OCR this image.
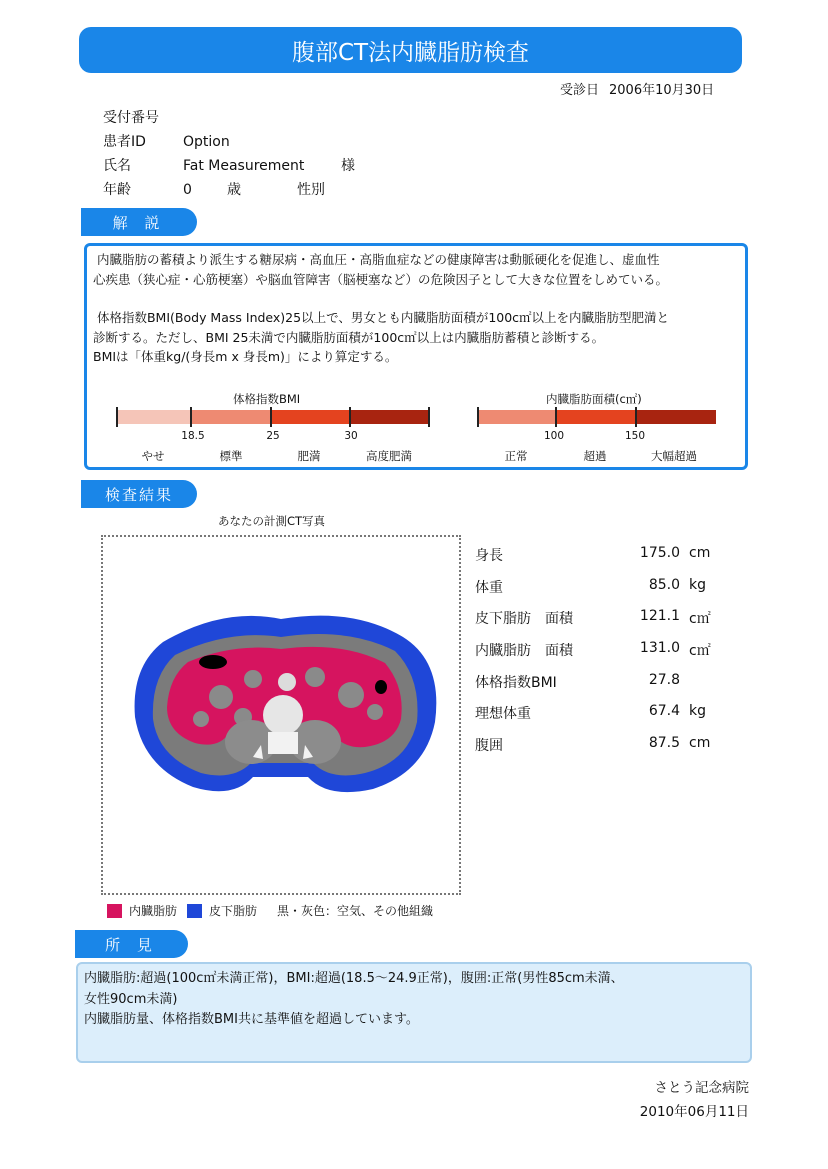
腹部CT法内臓脂肪検査
受診日 2006年10月30日
受付番号
患者ID	Option
氏名	Fat Measurement	様
年齢	0	歳	性別
解 説

内臓脂肪の蓄積より派生する糖尿病・高血圧・高脂血症などの健康障害は動脈硬化を促進し、虚血性

心疾患（狭心症・心筋梗塞）や脳血管障害（脳梗塞など）の危険因子として大きな位置をしめている。

体格指数BMI(Body Mass Index)25以上で、男女とも内臓脂肪面積が100c㎡以上を内臓脂肪型肥満と

診断する。ただし、BMI 25未満で内臓脂肪面積が100c㎡以上は内臓脂肪蓄積と診断する。

BMIは「体重kg/(身長m x 身長m)」により算定する。

体格指数BMI
18.5	25	30
やせ	標準	肥満	高度肥満
内臓脂肪面積(c㎡)
100	150
正常	超過	大幅超過
検査結果
あなたの計測CT写真
身長	175.0 cm
体重	85.0 kg
皮下脂肪　面積	121.1 c㎡
内臓脂肪　面積	131.0 c㎡
体格指数BMI	27.8
理想体重	67.4 kg
腹囲	87.5 cm
内臓脂肪	皮下脂肪 黒・灰色：空気、その他組織
所 見
内臓脂肪:超過(100c㎡未満正常)，BMI:超過(18.5～24.9正常)，腹囲:正常(男性85cm未満、
女性90cm未満)
内臓脂肪量、体格指数BMI共に基準値を超過しています。
さとう記念病院
2010年06月11日
